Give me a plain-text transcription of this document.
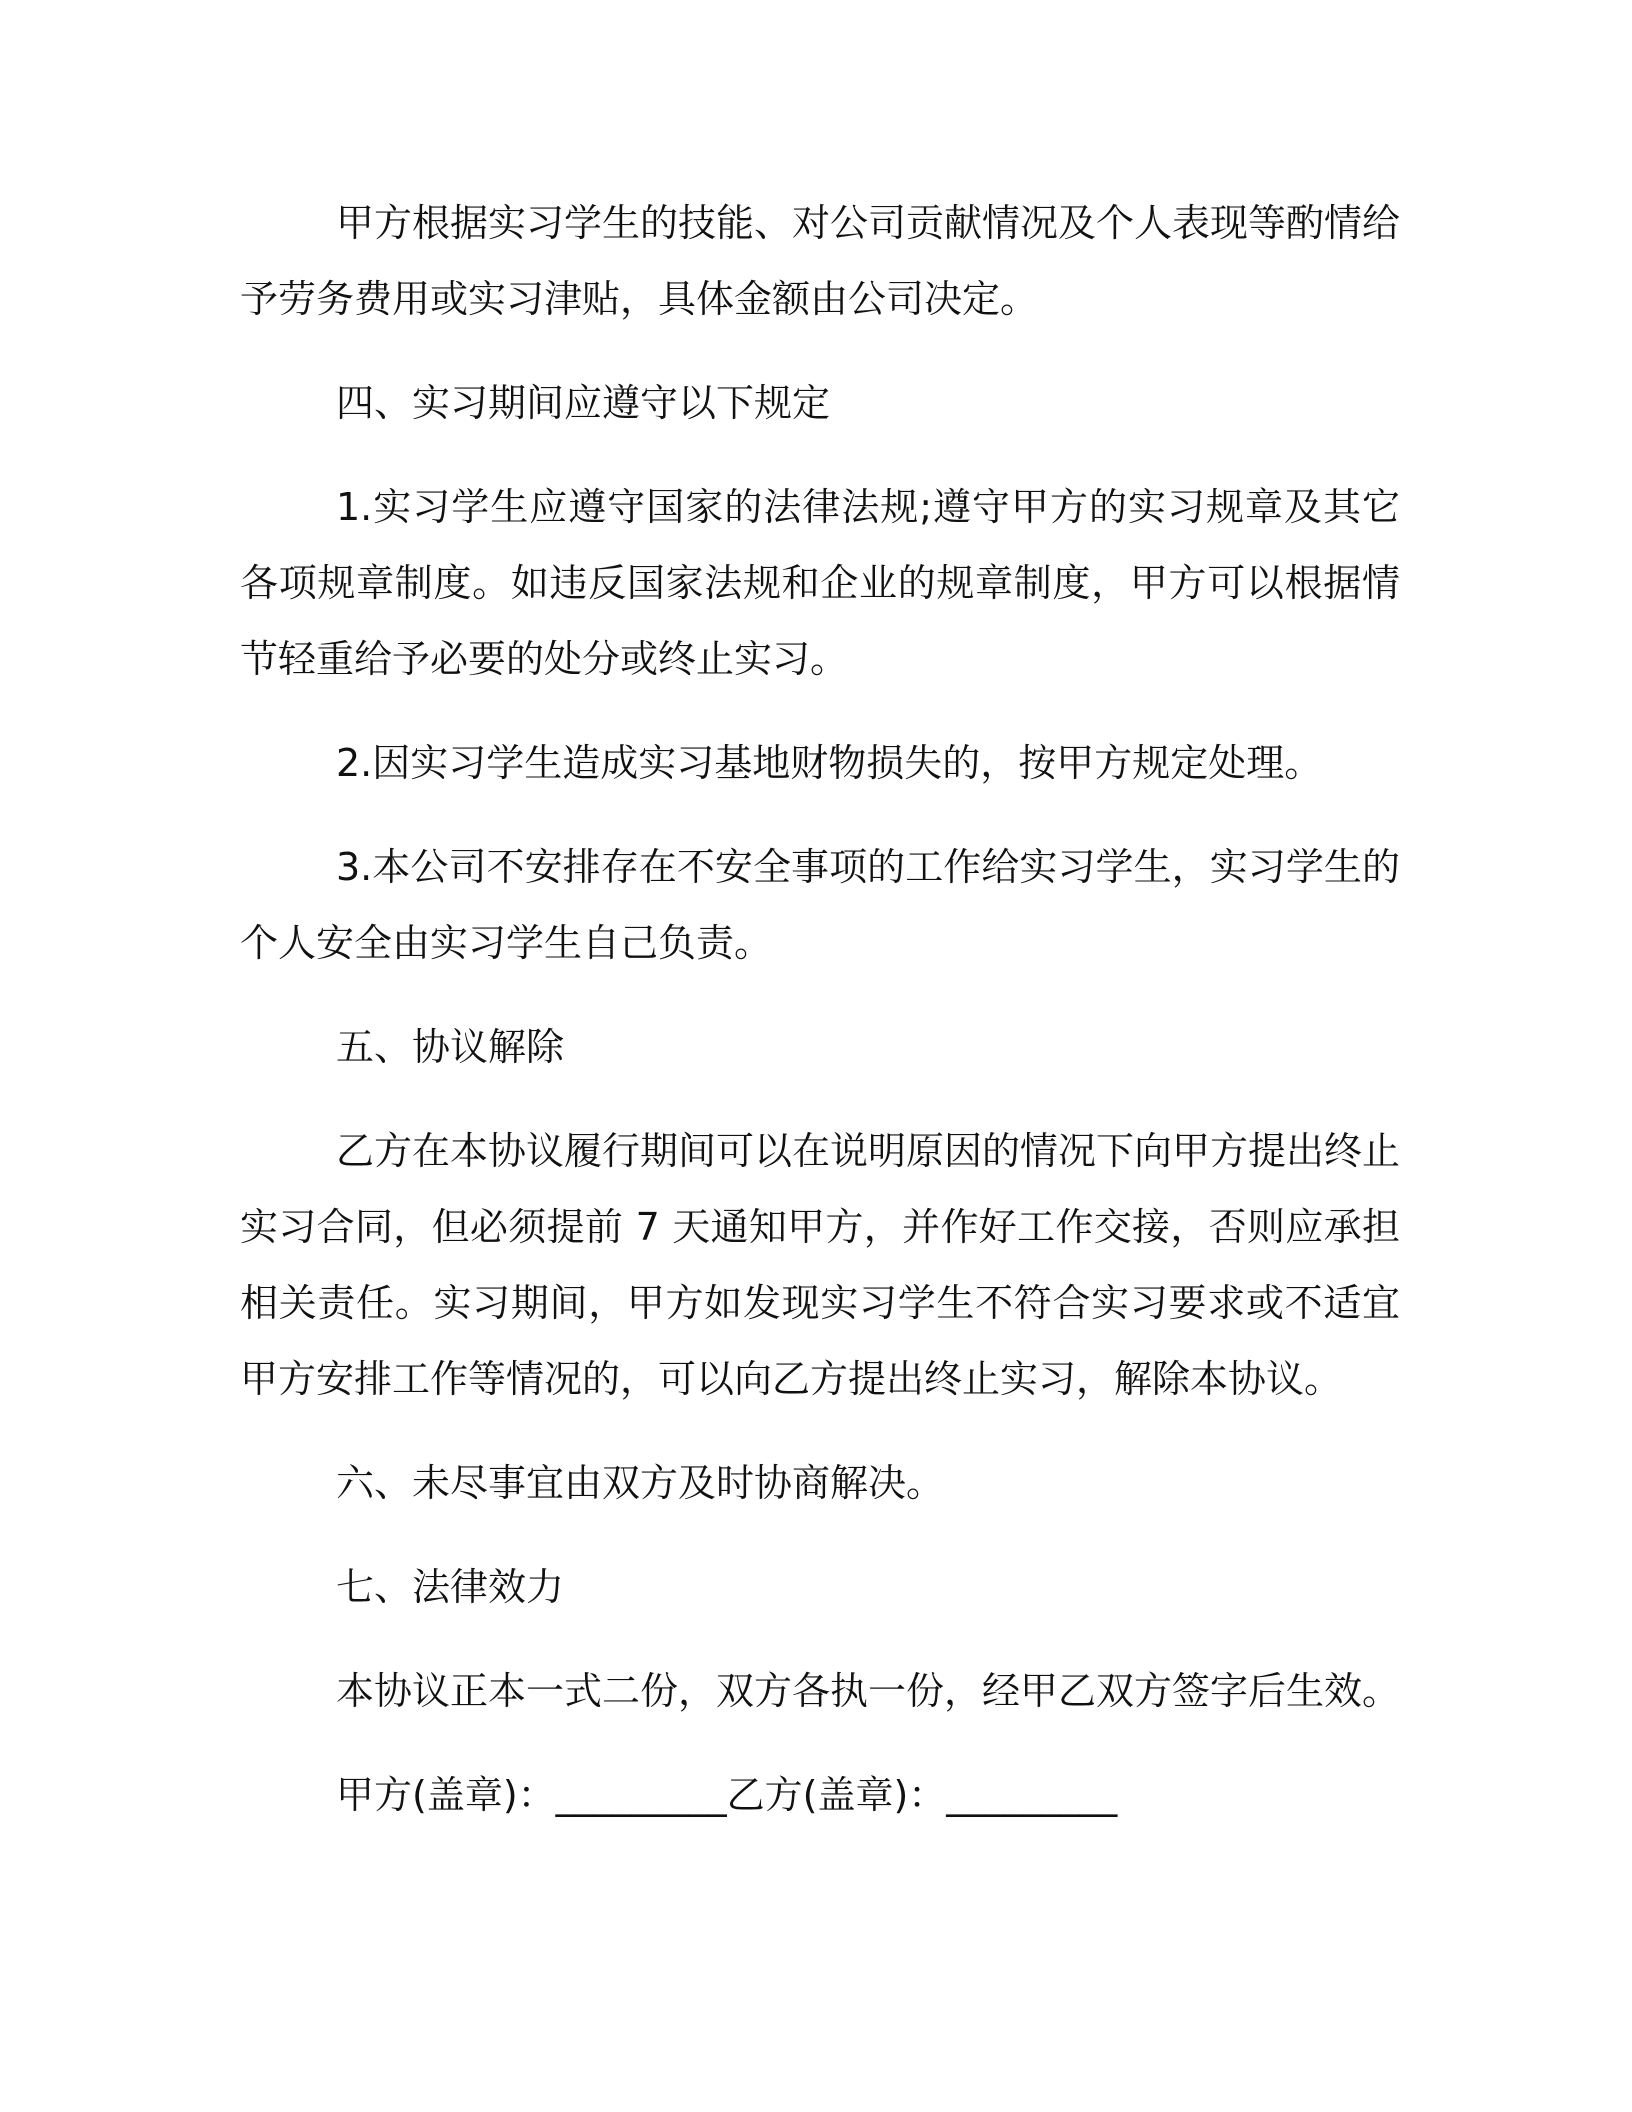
甲方根据实习学生的技能、对公司贡献情况及个人表现等酌情给予劳务费用或实习津贴，具体金额由公司决定。

四、实习期间应遵守以下规定

1.实习学生应遵守国家的法律法规;遵守甲方的实习规章及其它各项规章制度。如违反国家法规和企业的规章制度，甲方可以根据情节轻重给予必要的处分或终止实习。

2.因实习学生造成实习基地财物损失的，按甲方规定处理。

3.本公司不安排存在不安全事项的工作给实习学生，实习学生的个人安全由实习学生自己负责。

五、协议解除

乙方在本协议履行期间可以在说明原因的情况下向甲方提出终止实习合同，但必须提前 7 天通知甲方，并作好工作交接，否则应承担相关责任。实习期间，甲方如发现实习学生不符合实习要求或不适宜甲方安排工作等情况的，可以向乙方提出终止实习，解除本协议。

六、未尽事宜由双方及时协商解决。

七、法律效力

本协议正本一式二份，双方各执一份，经甲乙双方签字后生效。

甲方(盖章)：_________乙方(盖章)：_________
